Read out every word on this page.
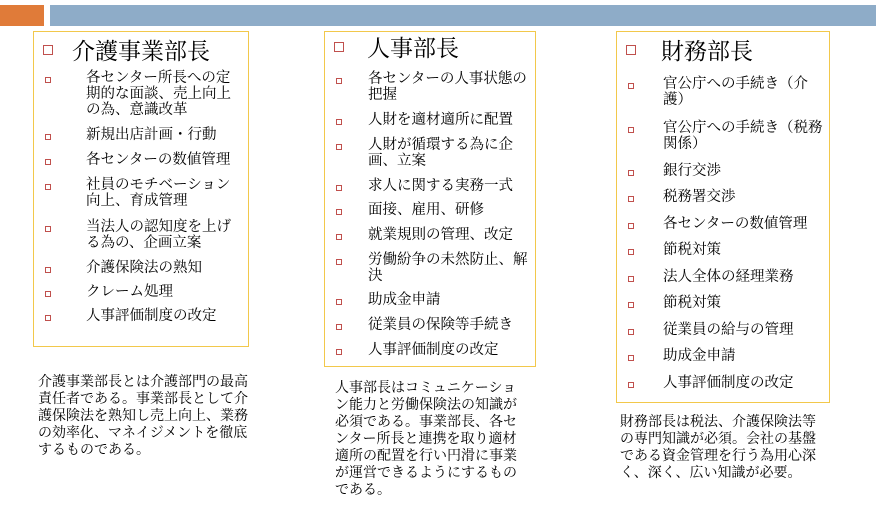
介護事業部長
各センター所長への定期的な面談、売上向上の為、意識改革
新規出店計画・行動
各センターの数値管理
社員のモチベーション向上、育成管理
当法人の認知度を上げる為の、企画立案
介護保険法の熟知
クレーム処理
人事評価制度の改定
介護事業部長とは介護部門の最高責任者である。事業部長として介護保険法を熟知し売上向上、業務の効率化、マネイジメントを徹底するものである。
人事部長
各センターの人事状態の把握
人財を適材適所に配置
人財が循環する為に企画、立案
求人に関する実務一式
面接、雇用、研修
就業規則の管理、改定
労働紛争の未然防止、解決
助成金申請
従業員の保険等手続き
人事評価制度の改定
人事部長はコミュニケーション能力と労働保険法の知識が必須である。事業部長、各センター所長と連携を取り適材適所の配置を行い円滑に事業が運営できるようにするものである。
財務部長
官公庁への手続き（介護）
官公庁への手続き（税務関係）
銀行交渉
税務署交渉
各センターの数値管理
節税対策
法人全体の経理業務
節税対策
従業員の給与の管理
助成金申請
人事評価制度の改定
財務部長は税法、介護保険法等の専門知識が必須。会社の基盤である資金管理を行う為用心深く、深く、広い知識が必要。
